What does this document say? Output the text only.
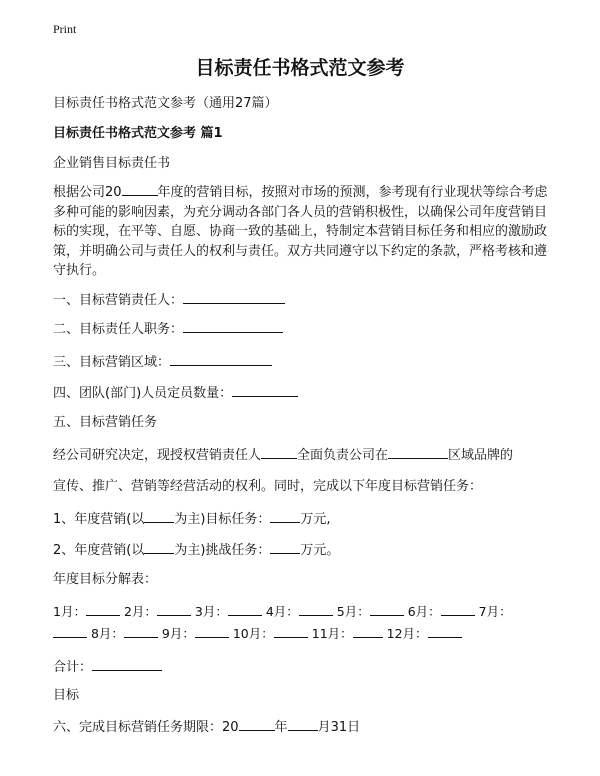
Print
目标责任书格式范文参考
目标责任书格式范文参考（通用27篇）
目标责任书格式范文参考 篇1
企业销售目标责任书
根据公司20	年度的营销目标，按照对市场的预测，参考现有行业现状等综合考虑多种可能的影响因素，为充分调动各部门各人员的营销积极性，以确保公司年度营销目标的实现，在平等、自愿、协商一致的基础上，特制定本营销目标任务和相应的激励政策，并明确公司与责任人的权利与责任。双方共同遵守以下约定的条款，严格考核和遵守执行。
一、目标营销责任人：
二、目标责任人职务：
三、目标营销区域：
四、团队(部门)人员定员数量：
五、目标营销任务
经公司研究决定，现授权营销责任人	全面负责公司在	区域品牌的
宣传、推广、营销等经营活动的权利。同时，完成以下年度目标营销任务：
1、年度营销(以 为主)目标任务： 万元,
2、年度营销(以 为主)挑战任务： 万元。
年度目标分解表：
1月：	2月：	3月：	4月：	5月：	6月：	7月：
8月：	9月：	10月：	11月：	12月：
合计：
目标
六、完成目标营销任务期限：20	年 月31日
